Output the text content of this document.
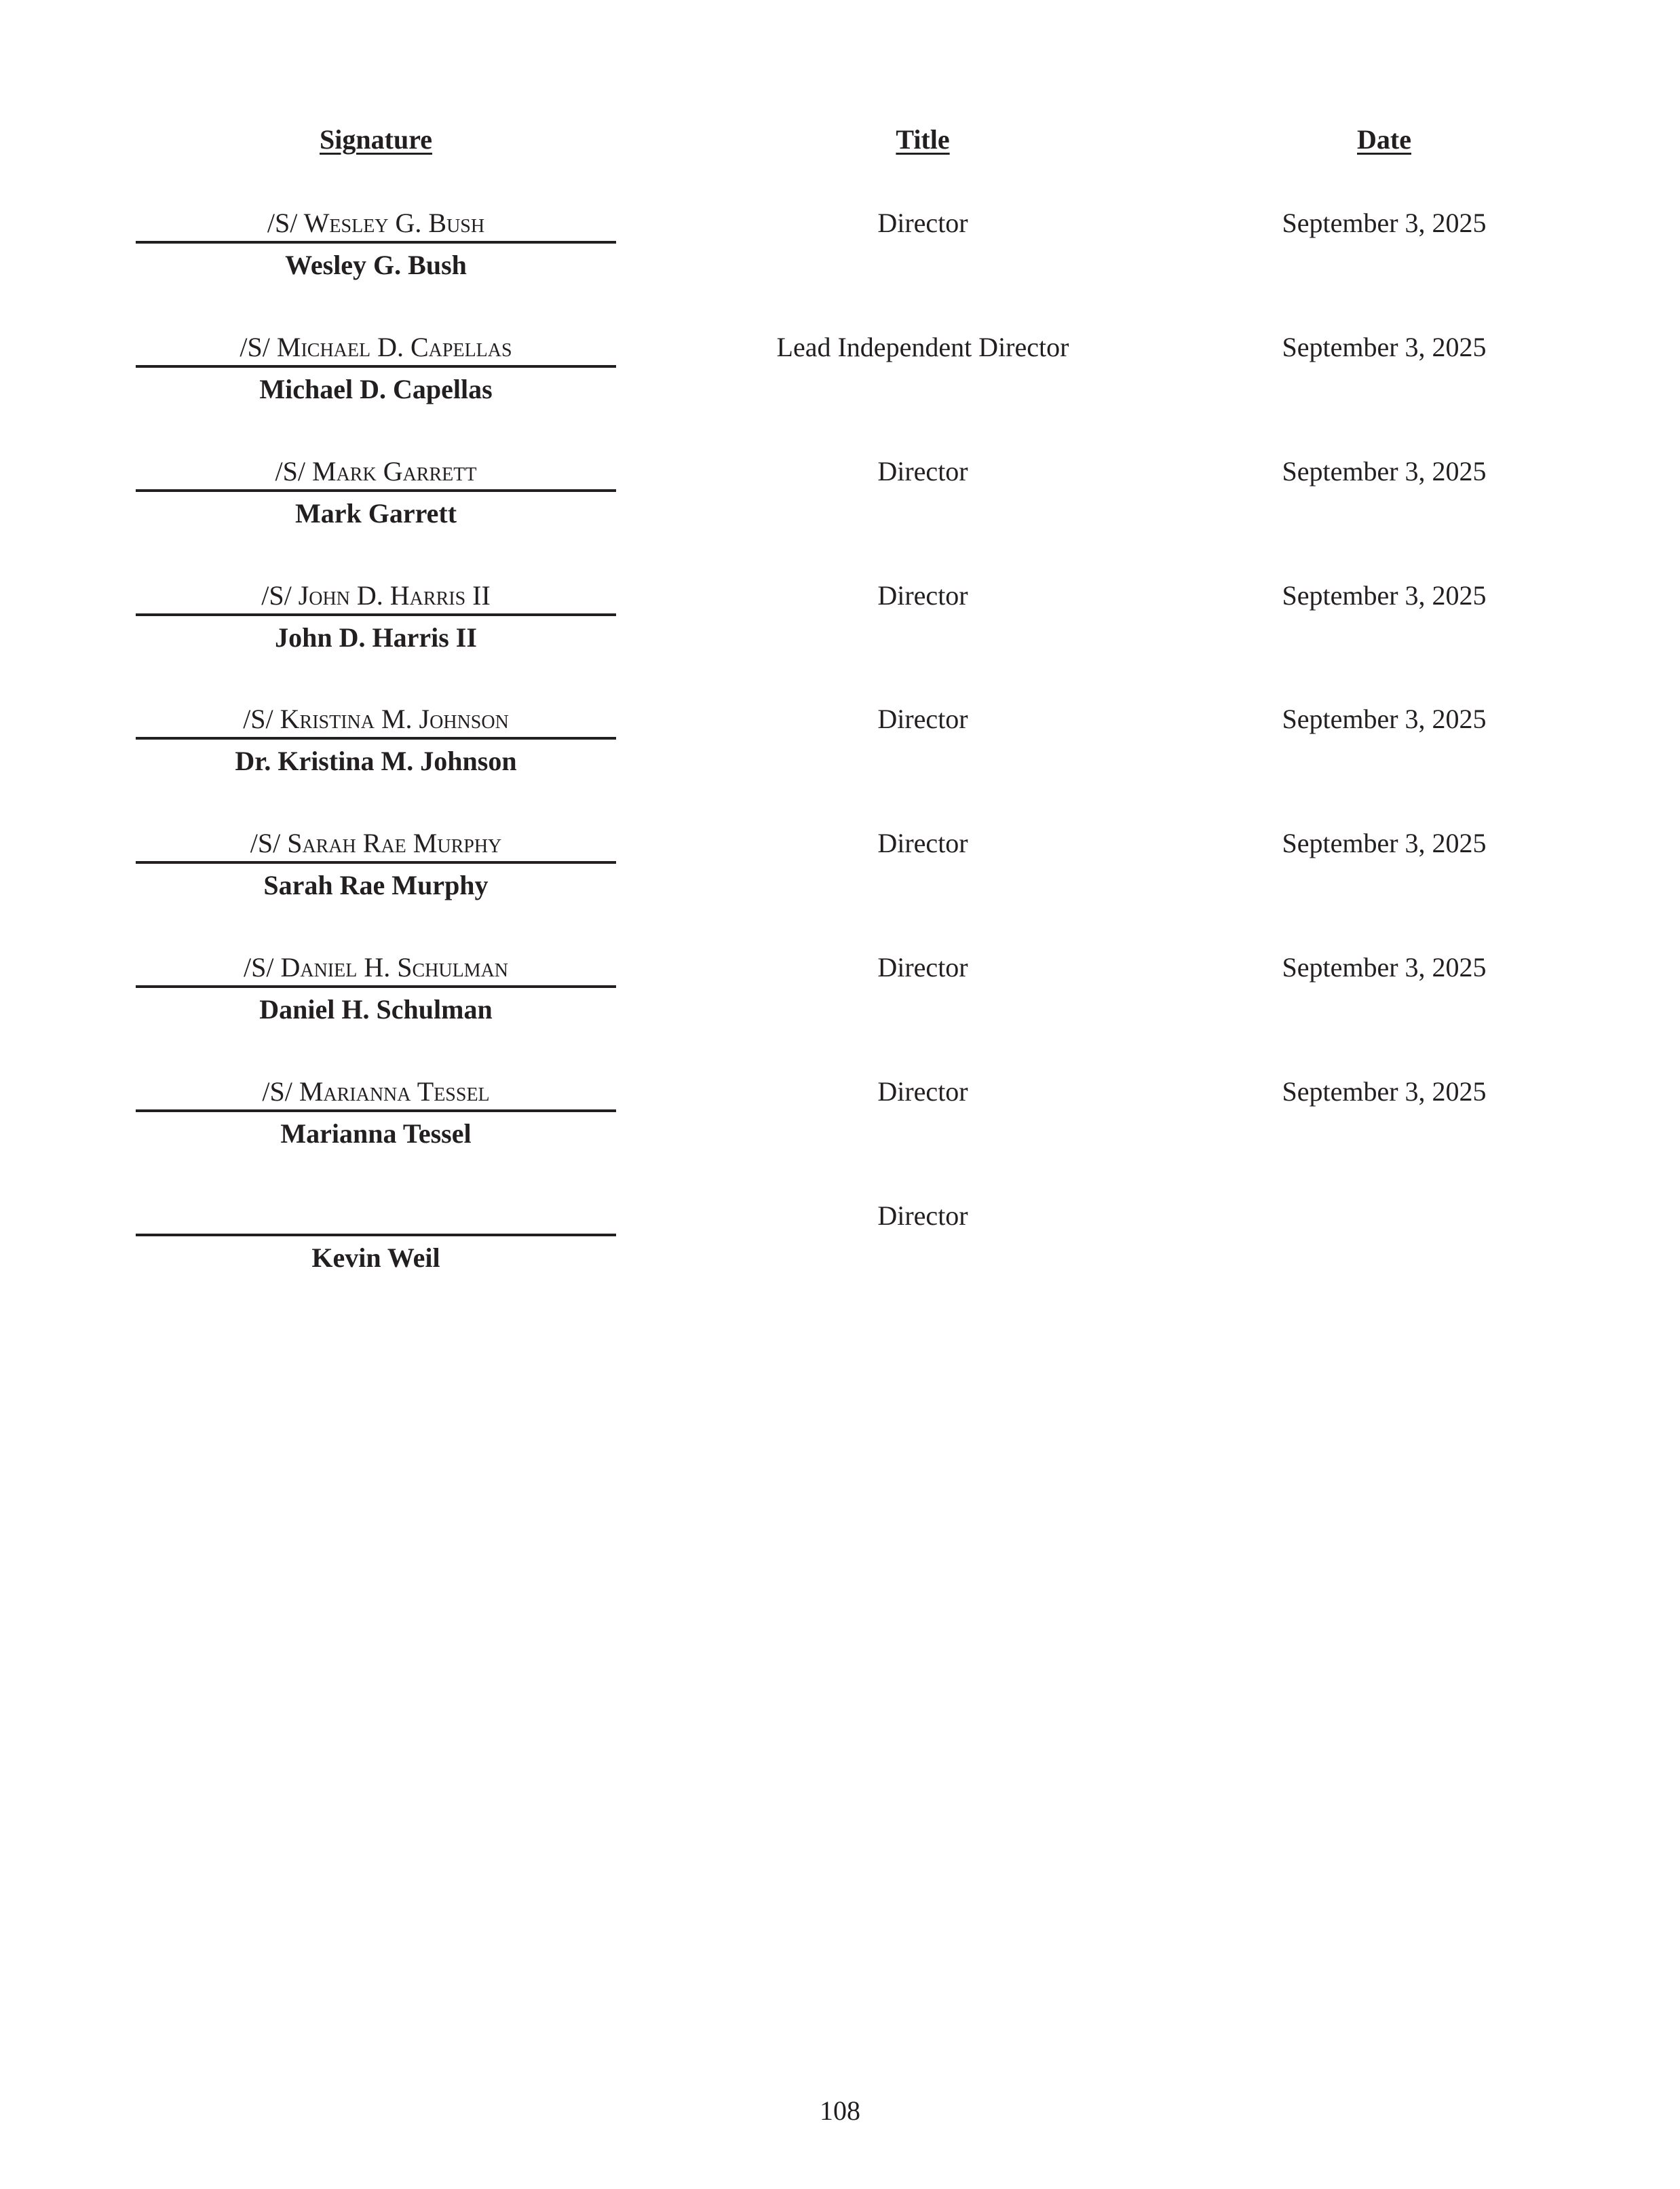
Signature	Title	Date
/S/ Wesley G. Bush
Wesley G. Bush
Director	September 3, 2025
/S/ Michael D. Capellas
Michael D. Capellas
Lead Independent Director	September 3, 2025
/S/ Mark Garrett
Mark Garrett
Director	September 3, 2025
/S/ John D. Harris II
John D. Harris II
Director	September 3, 2025
/S/ Kristina M. Johnson
Dr. Kristina M. Johnson
Director	September 3, 2025
/S/ Sarah Rae Murphy
Sarah Rae Murphy
Director	September 3, 2025
/S/ Daniel H. Schulman
Daniel H. Schulman
Director	September 3, 2025
/S/ Marianna Tessel
Marianna Tessel
Director	September 3, 2025
Kevin Weil
Director
108
